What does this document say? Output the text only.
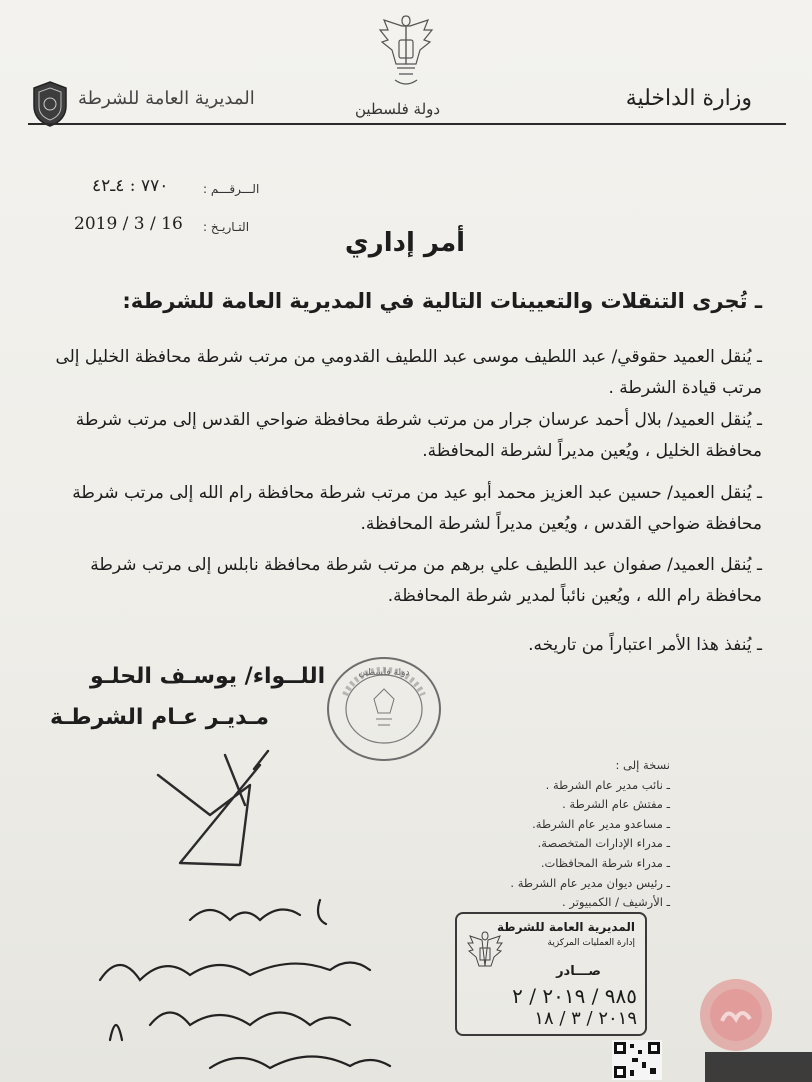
وزارة الداخلية
دولة فلسطين
المديرية العامة للشرطة
الـــرقـــم :
٧٧٠ : ٤ـ٤٢
التـاريـخ :
2019 / 3 / 16
أمر إداري
ـ تُجرى التنقلات والتعيينات التالية في المديرية العامة للشرطة:
ـ يُنقل العميد حقوقي/ عبد اللطيف موسى عبد اللطيف القدومي من مرتب شرطة محافظة الخليل إلى مرتب قيادة الشرطة .
ـ يُنقل العميد/ بلال أحمد عرسان جرار من مرتب شرطة محافظة ضواحي القدس إلى مرتب شرطة محافظة الخليل ، ويُعين مديراً لشرطة المحافظة.
ـ يُنقل العميد/ حسين عبد العزيز محمد أبو عيد من مرتب شرطة محافظة رام الله إلى مرتب شرطة محافظة ضواحي القدس ، ويُعين مديراً لشرطة المحافظة.
ـ يُنقل العميد/ صفوان عبد اللطيف علي برهم من مرتب شرطة محافظة نابلس إلى مرتب شرطة محافظة رام الله ، ويُعين نائباً لمدير شرطة المحافظة.
ـ يُنفذ هذا الأمر اعتباراً من تاريخه.
اللــواء/ يوسـف الحلـو
مـديـر عـام الشرطـة
دولة فلسطين
نسخة إلى :
ـ نائب مدير عام الشرطة .
ـ مفتش عام الشرطة .
ـ مساعدو مدير عام الشرطة.
ـ مدراء الإدارات المتخصصة.
ـ مدراء شرطة المحافظات.
ـ رئيس ديوان مدير عام الشرطة .
ـ الأرشيف / الكمبيوتر .
المديرية العامة للشرطة
إدارة العمليات المركزية
صـــادر
٩٨٥ / ٢٠١٩ / ٢
٢٠١٩ / ٣ / ١٨
